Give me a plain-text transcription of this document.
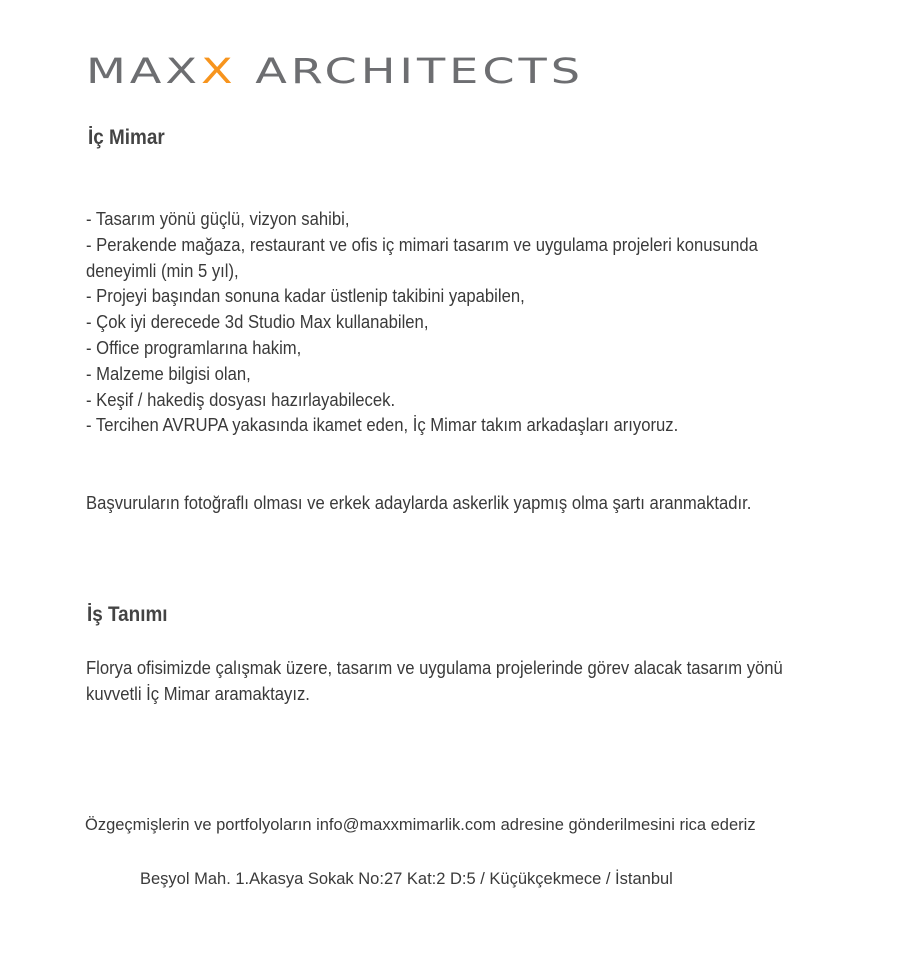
MAX X ARCHITECTS
İç Mimar
- Tasarım yönü güçlü, vizyon sahibi,
- Perakende mağaza, restaurant ve ofis iç mimari tasarım ve uygulama projeleri konusunda deneyimli (min 5 yıl),
- Projeyi başından sonuna kadar üstlenip takibini yapabilen,
- Çok iyi derecede 3d Studio Max kullanabilen,
- Office programlarına hakim,
- Malzeme bilgisi olan,
- Keşif / hakediş dosyası hazırlayabilecek.
- Tercihen AVRUPA yakasında ikamet eden, İç Mimar takım arkadaşları arıyoruz.

Başvuruların fotoğraflı olması ve erkek adaylarda askerlik yapmış olma şartı aranmaktadır.

İş Tanımı

Florya ofisimizde çalışmak üzere, tasarım ve uygulama projelerinde görev alacak tasarım yönü kuvvetli İç Mimar aramaktayız.

Özgeçmişlerin ve portfolyoların info@maxxmimarlik.com adresine gönderilmesini rica ederiz

Beşyol Mah. 1.Akasya Sokak No:27 Kat:2 D:5 / Küçükçekmece / İstanbul
